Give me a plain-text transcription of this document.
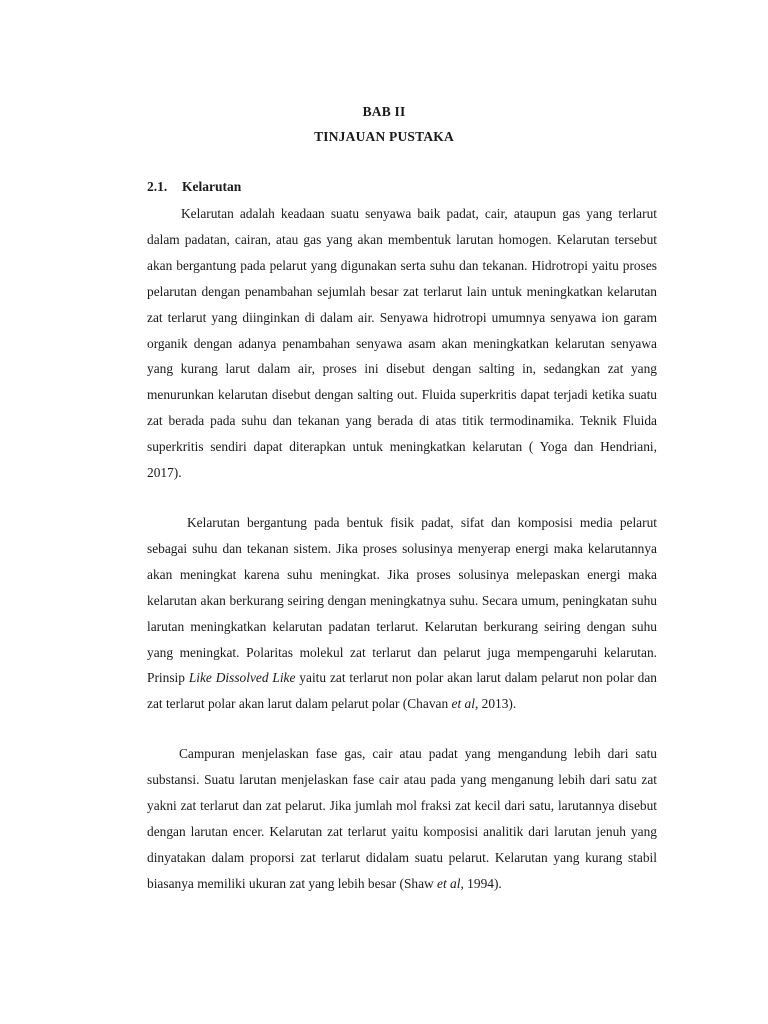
BAB II
TINJAUAN PUSTAKA
2.1. Kelarutan

Kelarutan adalah keadaan suatu senyawa baik padat, cair, ataupun gas yang terlarut dalam padatan, cairan, atau gas yang akan membentuk larutan homogen. Kelarutan tersebut akan bergantung pada pelarut yang digunakan serta suhu dan tekanan. Hidrotropi yaitu proses pelarutan dengan penambahan sejumlah besar zat terlarut lain untuk meningkatkan kelarutan zat terlarut yang diinginkan di dalam air. Senyawa hidrotropi umumnya senyawa ion garam organik dengan adanya penambahan senyawa asam akan meningkatkan kelarutan senyawa yang kurang larut dalam air, proses ini disebut dengan salting in, sedangkan zat yang menurunkan kelarutan disebut dengan salting out. Fluida superkritis dapat terjadi ketika suatu zat berada pada suhu dan tekanan yang berada di atas titik termodinamika. Teknik Fluida superkritis sendiri dapat diterapkan untuk meningkatkan kelarutan ( Yoga dan Hendriani, 2017).

Kelarutan bergantung pada bentuk fisik padat, sifat dan komposisi media pelarut sebagai suhu dan tekanan sistem. Jika proses solusinya menyerap energi maka kelarutannya akan meningkat karena suhu meningkat. Jika proses solusinya melepaskan energi maka kelarutan akan berkurang seiring dengan meningkatnya suhu. Secara umum, peningkatan suhu larutan meningkatkan kelarutan padatan terlarut. Kelarutan berkurang seiring dengan suhu yang meningkat. Polaritas molekul zat terlarut dan pelarut juga mempengaruhi kelarutan. Prinsip Like Dissolved Like yaitu zat terlarut non polar akan larut dalam pelarut non polar dan zat terlarut polar akan larut dalam pelarut polar (Chavan et al, 2013).

Campuran menjelaskan fase gas, cair atau padat yang mengandung lebih dari satu substansi. Suatu larutan menjelaskan fase cair atau pada yang menganung lebih dari satu zat yakni zat terlarut dan zat pelarut. Jika jumlah mol fraksi zat kecil dari satu, larutannya disebut dengan larutan encer. Kelarutan zat terlarut yaitu komposisi analitik dari larutan jenuh yang dinyatakan dalam proporsi zat terlarut didalam suatu pelarut. Kelarutan yang kurang stabil biasanya memiliki ukuran zat yang lebih besar (Shaw et al, 1994).
